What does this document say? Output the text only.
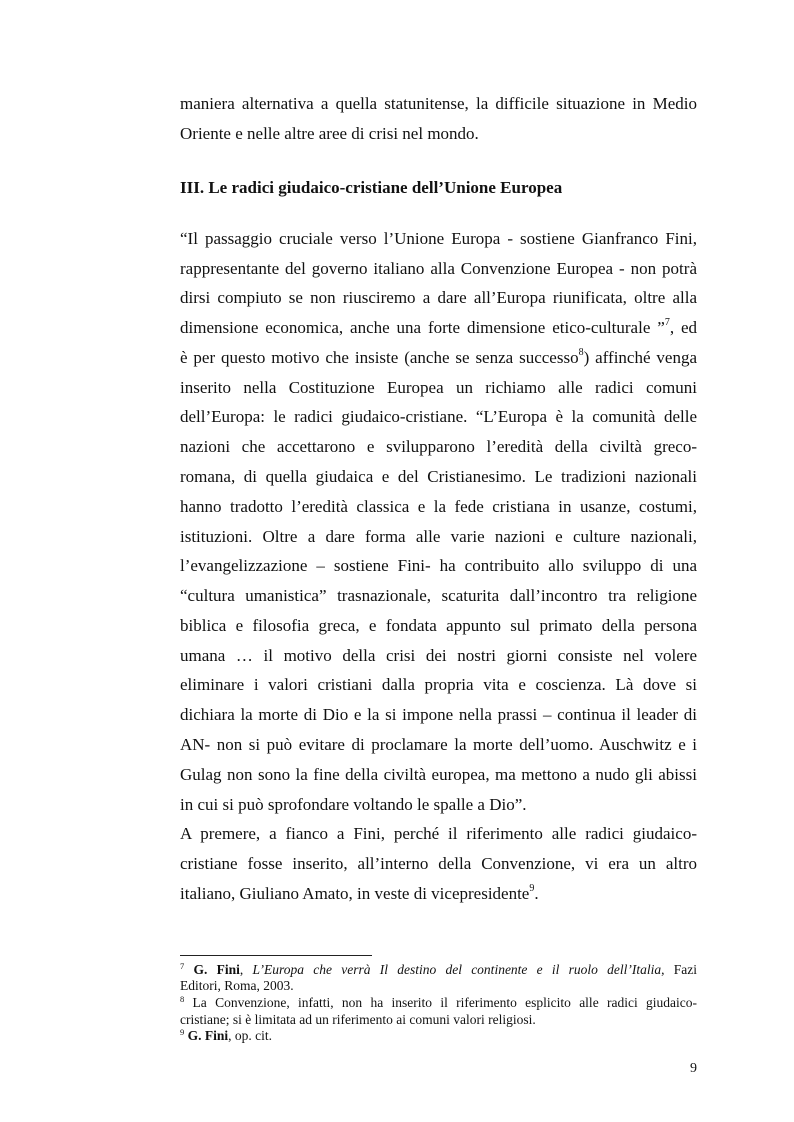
maniera alternativa a quella statunitense, la difficile situazione in Medio
Oriente e nelle altre aree di crisi nel mondo.
III. Le radici giudaico-cristiane dell’Unione Europea
“Il passaggio cruciale verso l’Unione Europa - sostiene Gianfranco Fini,
rappresentante del governo italiano alla Convenzione Europea - non potrà
dirsi compiuto se non riusciremo a dare all’Europa riunificata, oltre alla
dimensione economica, anche una forte dimensione etico-culturale ”$^7$, ed
è per questo motivo che insiste (anche se senza successo$^8$) affinché venga
inserito nella Costituzione Europea un richiamo alle radici comuni
dell’Europa: le radici giudaico-cristiane. “L’Europa è la comunità delle
nazioni che accettarono e svilupparono l’eredità della civiltà greco-
romana, di quella giudaica e del Cristianesimo. Le tradizioni nazionali
hanno tradotto l’eredità classica e la fede cristiana in usanze, costumi,
istituzioni. Oltre a dare forma alle varie nazioni e culture nazionali,
l’evangelizzazione – sostiene Fini- ha contribuito allo sviluppo di una
“cultura umanistica” trasnazionale, scaturita dall’incontro tra religione
biblica e filosofia greca, e fondata appunto sul primato della persona
umana … il motivo della crisi dei nostri giorni consiste nel volere
eliminare i valori cristiani dalla propria vita e coscienza. Là dove si
dichiara la morte di Dio e la si impone nella prassi – continua il leader di
AN- non si può evitare di proclamare la morte dell’uomo. Auschwitz e i
Gulag non sono la fine della civiltà europea, ma mettono a nudo gli abissi
in cui si può sprofondare voltando le spalle a Dio”.
A premere, a fianco a Fini, perché il riferimento alle radici giudaico-
cristiane fosse inserito, all’interno della Convenzione, vi era un altro
italiano, Giuliano Amato, in veste di vicepresidente$^9$.
$^7$ G. Fini, L’Europa che verrà Il destino del continente e il ruolo dell’Italia, Fazi
Editori, Roma, 2003.
$^8$ La Convenzione, infatti, non ha inserito il riferimento esplicito alle radici giudaico-
cristiane; si è limitata ad un riferimento ai comuni valori religiosi.
$^9$ G. Fini, op. cit.
9
